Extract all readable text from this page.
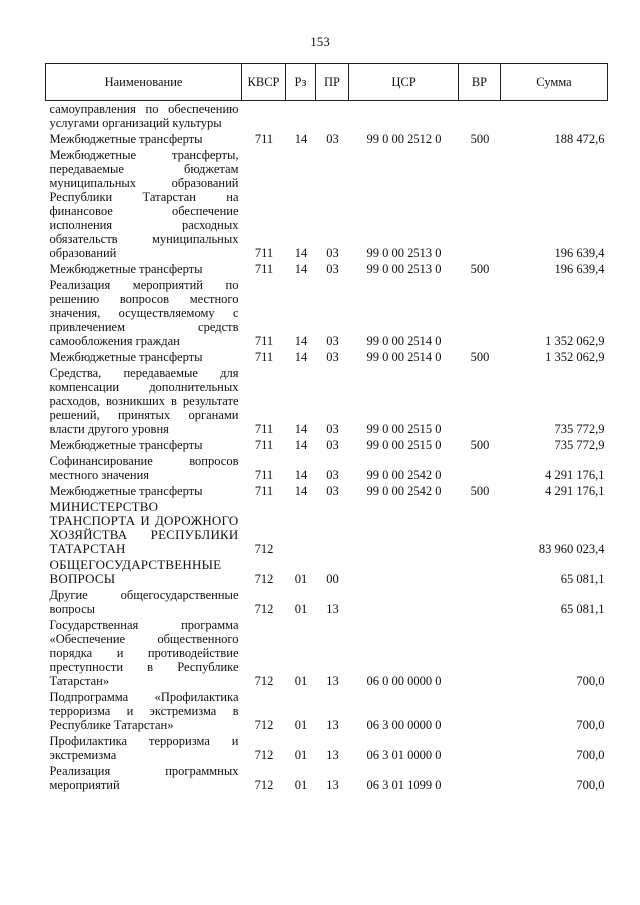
153
Наименование	КВСР	Рз	ПР	ЦСР	ВР	Сумма
самоуправления по обеспечению услугами организаций культуры						
Межбюджетные трансферты	711	14	03	99 0 00 2512 0	500	188 472,6
Межбюджетные трансферты, передаваемые бюджетам муниципальных образований Республики Татарстан на финансовое обеспечение исполнения расходных обязательств муниципальных образований	711	14	03	99 0 00 2513 0		196 639,4
Межбюджетные трансферты	711	14	03	99 0 00 2513 0	500	196 639,4
Реализация мероприятий по решению вопросов местного значения, осуществляемому с привлечением средств самообложения граждан	711	14	03	99 0 00 2514 0		1 352 062,9
Межбюджетные трансферты	711	14	03	99 0 00 2514 0	500	1 352 062,9
Средства, передаваемые для компенсации дополнительных расходов, возникших в результате решений, принятых органами власти другого уровня	711	14	03	99 0 00 2515 0		735 772,9
Межбюджетные трансферты	711	14	03	99 0 00 2515 0	500	735 772,9
Софинансирование вопросов местного значения	711	14	03	99 0 00 2542 0		4 291 176,1
Межбюджетные трансферты	711	14	03	99 0 00 2542 0	500	4 291 176,1
МИНИСТЕРСТВО ТРАНСПОРТА И ДОРОЖНОГО ХОЗЯЙСТВА РЕСПУБЛИКИ ТАТАРСТАН	712					83 960 023,4
ОБЩЕГОСУДАРСТВЕННЫЕ ВОПРОСЫ	712	01	00			65 081,1
Другие общегосударственные вопросы	712	01	13			65 081,1
Государственная программа «Обеспечение общественного порядка и противодействие преступности в Республике Татарстан»	712	01	13	06 0 00 0000 0		700,0
Подпрограмма «Профилактика терроризма и экстремизма в Республике Татарстан»	712	01	13	06 3 00 0000 0		700,0
Профилактика терроризма и экстремизма	712	01	13	06 3 01 0000 0		700,0
Реализация программных мероприятий	712	01	13	06 3 01 1099 0		700,0
